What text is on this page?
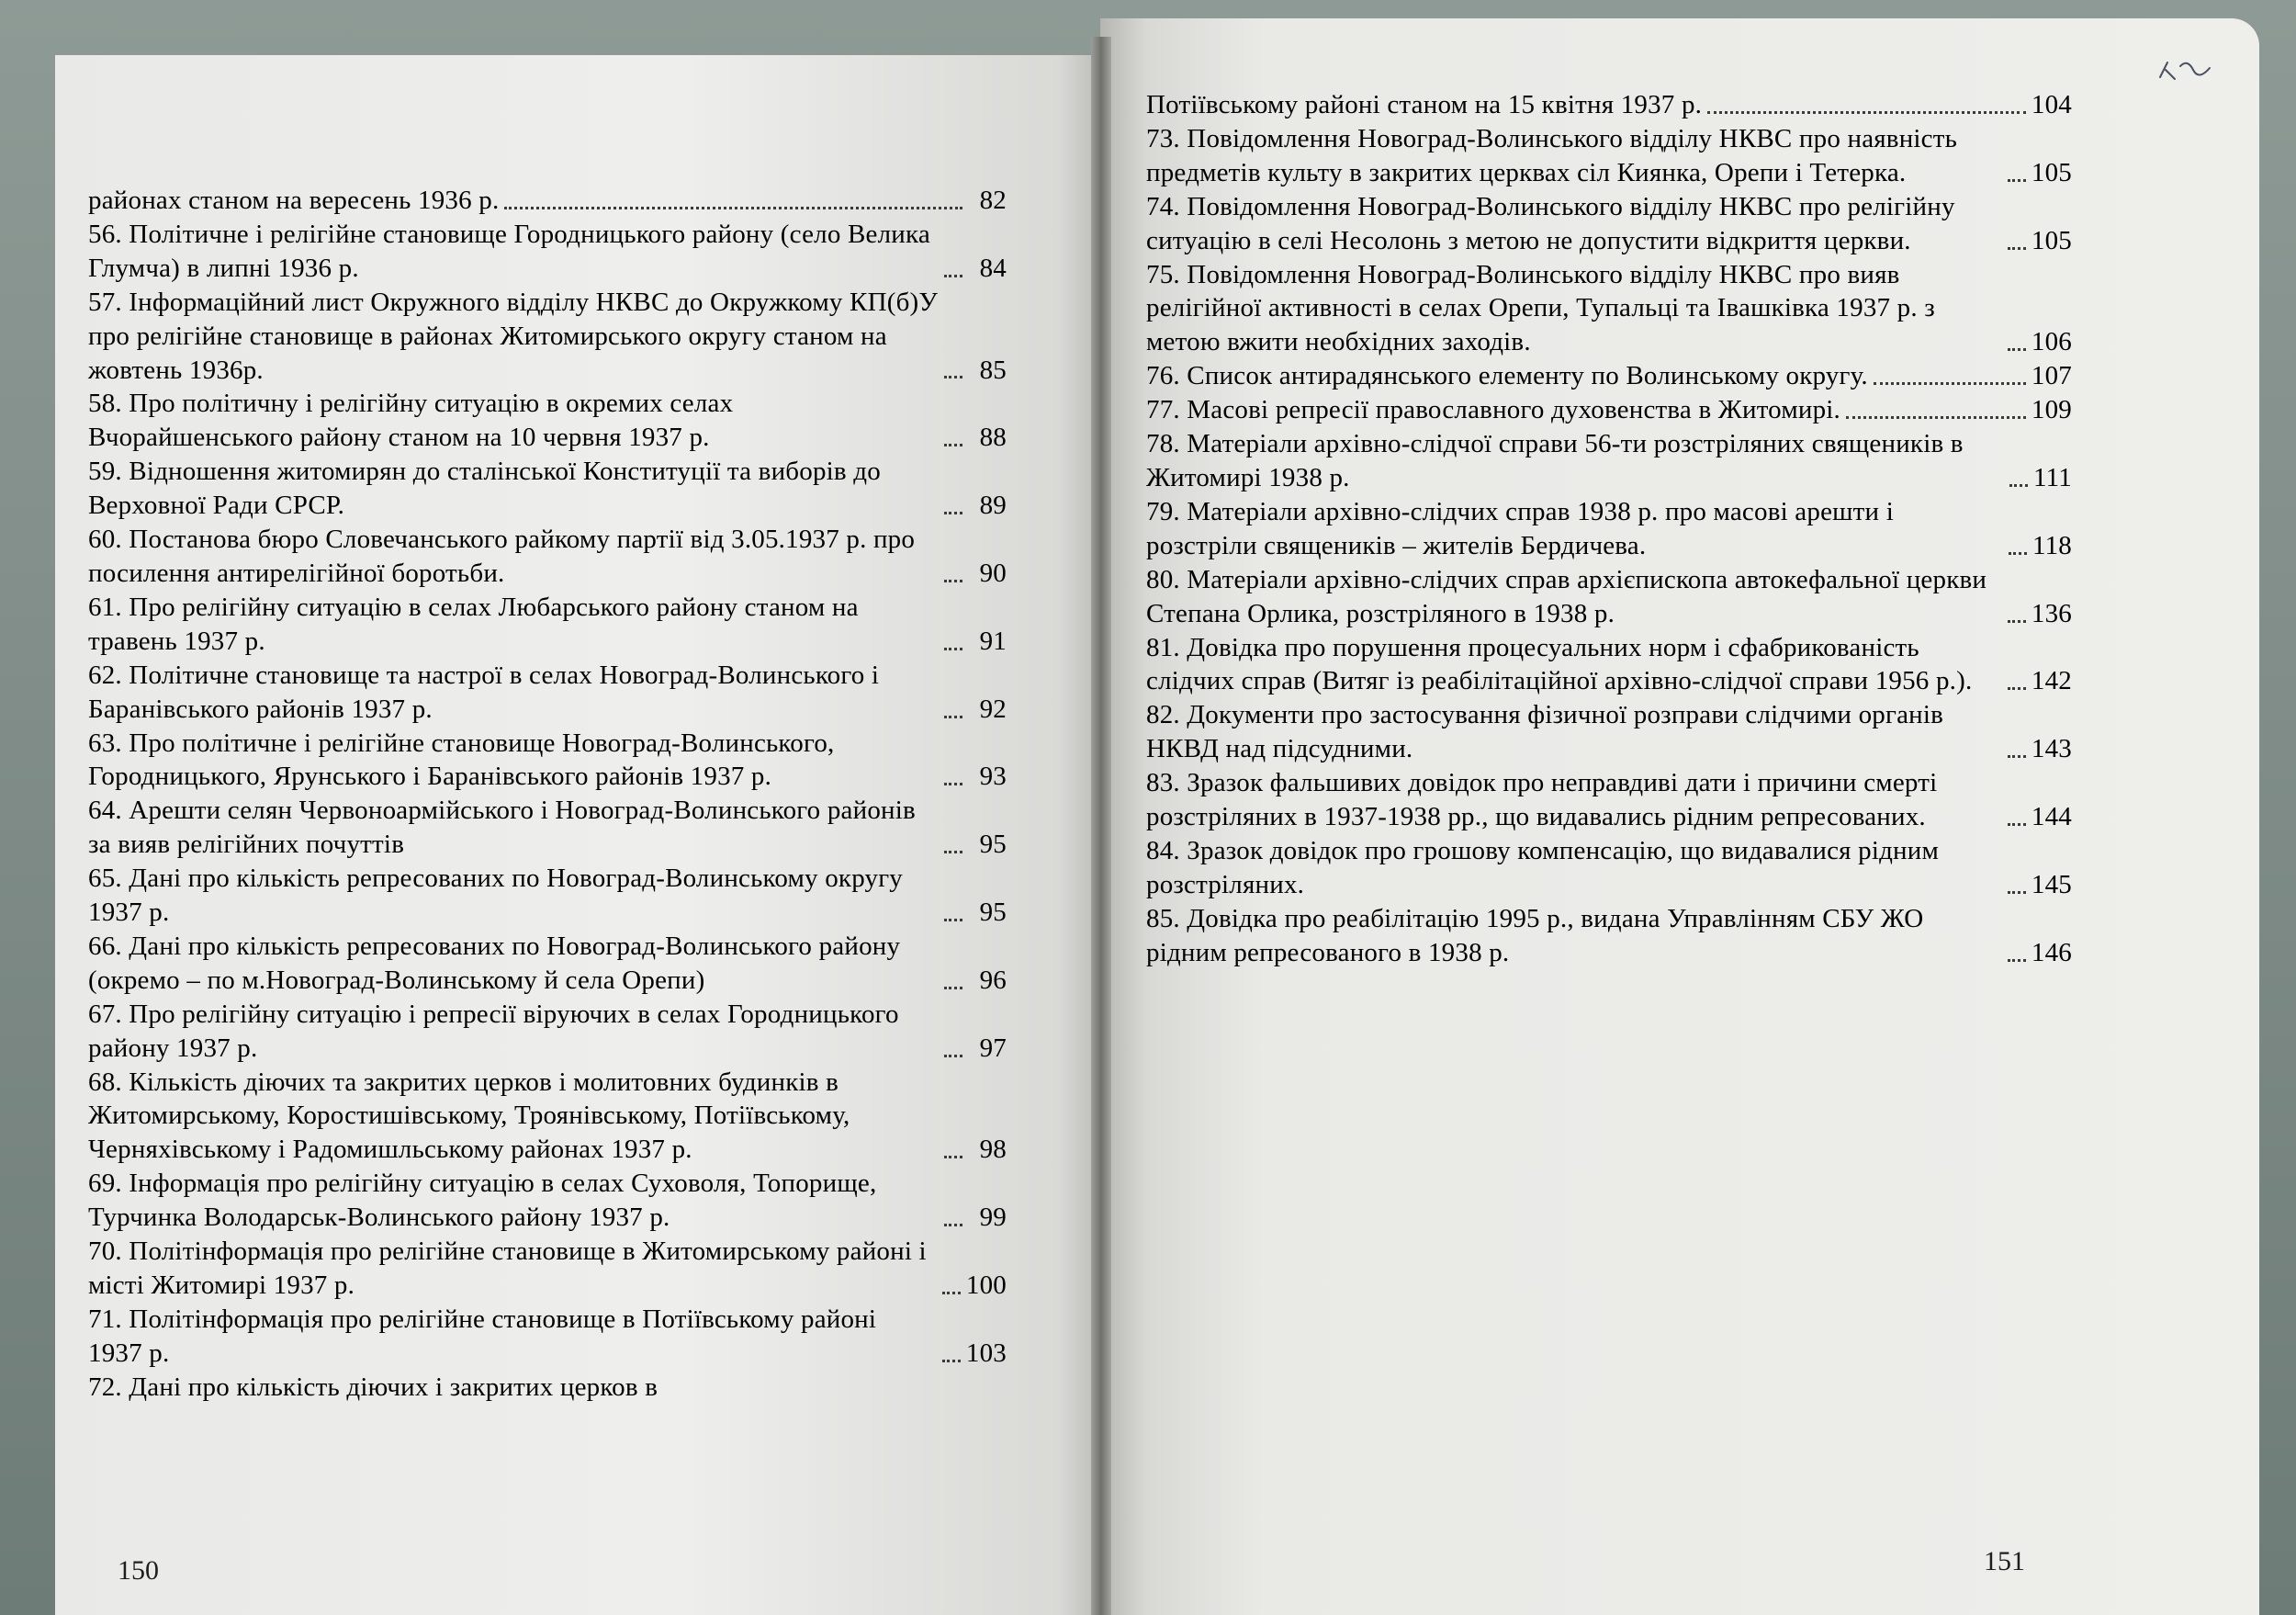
районах станом на вересень 1936 р.	82
56. Політичне і релігійне становище Городницького району (село Велика Глумча) в липні 1936 р.	84
57. Інформаційний лист Окружного відділу НКВС до Окружкому КП(б)У про релігійне становище в районах Житомирського округу станом на жовтень 1936р.	85
58. Про політичну і релігійну ситуацію в окремих селах Вчорайшенського району станом на 10 червня 1937 р.	88
59. Відношення житомирян до сталінської Конституції та виборів до Верховної Ради СРСР.	89
60. Постанова бюро Словечанського райкому партії від 3.05.1937 р. про посилення антирелігійної боротьби.	90
61. Про релігійну ситуацію в селах Любарського району станом на травень 1937 р.	91
62. Політичне становище та настрої в селах Новоград-Волинського і Баранівського районів 1937 р.	92
63. Про політичне і релігійне становище Новоград-Волинського, Городницького, Ярунського і Баранівського районів 1937 р.	93
64. Арешти селян Червоноармійського і Новоград-Волинського районів за вияв релігійних почуттів	95
65. Дані про кількість репресованих по Новоград-Волинському округу 1937 р.	95
66. Дані про кількість репресованих по Новоград-Волинського району (окремо – по м.Новоград-Волинському й села Орепи)	96
67. Про релігійну ситуацію і репресії віруючих в селах Городницького району 1937 р.	97
68. Кількість діючих та закритих церков і молитовних будинків в Житомирському, Коростишівському, Троянівському, Потіївському, Черняхівському і Радомишльському районах 1937 р.	98
69. Інформація про релігійну ситуацію в селах Суховоля, Топорище, Турчинка Володарськ-Волинського району 1937 р.	99
70. Політінформація про релігійне становище в Житомирському районі і місті Житомирі 1937 р.	100
71. Політінформація про релігійне становище в Потіївському районі 1937 р.	103
72. Дані про кількість діючих і закритих церков в
Потіївському районі станом на 15 квітня 1937 р.	104
73. Повідомлення Новоград-Волинського відділу НКВС про наявність предметів культу в закритих церквах сіл Киянка, Орепи і Тетерка.	105
74. Повідомлення Новоград-Волинського відділу НКВС про релігійну ситуацію в селі Несолонь з метою не допустити відкриття церкви.	105
75. Повідомлення Новоград-Волинського відділу НКВС про вияв релігійної активності в селах Орепи, Тупальці та Івашківка 1937 р. з метою вжити необхідних заходів.	106
76. Список антирадянського елементу по Волинському округу.	107
77. Масові репресії православного духовенства в Житомирі.	109
78. Матеріали архівно-слідчої справи 56-ти розстріляних священиків в Житомирі 1938 р.	111
79. Матеріали архівно-слідчих справ 1938 р. про масові арешти і розстріли священиків – жителів Бердичева.	118
80. Матеріали архівно-слідчих справ архієпископа автокефальної церкви Степана Орлика, розстріляного в 1938 р.	136
81. Довідка про порушення процесуальних норм і сфабрикованість слідчих справ (Витяг із реабілітаційної архівно-слідчої справи 1956 р.).	142
82. Документи про застосування фізичної розправи слідчими органів НКВД над підсудними.	143
83. Зразок фальшивих довідок про неправдиві дати і причини смерті розстріляних в 1937-1938 рр., що видавались рідним репресованих.	144
84. Зразок довідок про грошову компенсацію, що видавалися рідним розстріляних.	145
85. Довідка про реабілітацію 1995 р., видана Управлінням СБУ ЖО рідним репресованого в 1938 р.	146
150	151
